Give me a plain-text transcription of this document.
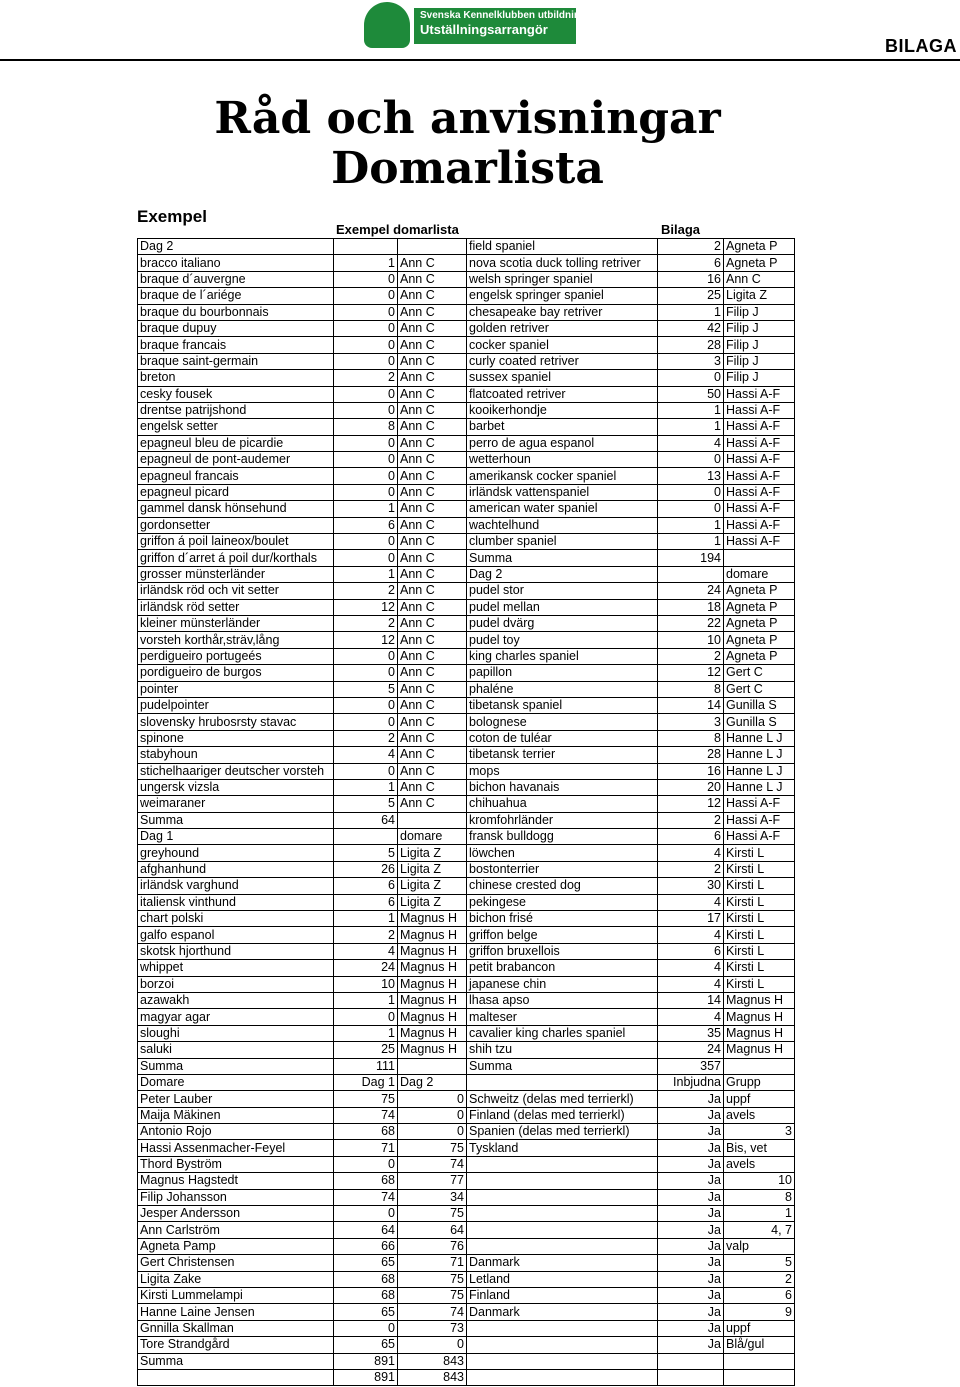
Svenska Kennelklubben utbildning
Utställningsarrangör
BILAGA
Råd och anvisningar
Domarlista
Exempel
Exempel domarlista	Bilaga
Dag 2			field spaniel	2	Agneta P
bracco italiano	1	Ann C	nova scotia duck tolling retriver	6	Agneta P
braque d´auvergne	0	Ann C	welsh springer spaniel	16	Ann C
braque de l´ariége	0	Ann C	engelsk springer spaniel	25	Ligita Z
braque du bourbonnais	0	Ann C	chesapeake bay retriver	1	Filip J
braque dupuy	0	Ann C	golden retriver	42	Filip J
braque francais	0	Ann C	cocker spaniel	28	Filip J
braque saint-germain	0	Ann C	curly coated retriver	3	Filip J
breton	2	Ann C	sussex spaniel	0	Filip J
cesky fousek	0	Ann C	flatcoated retriver	50	Hassi A-F
drentse patrijshond	0	Ann C	kooikerhondje	1	Hassi A-F
engelsk setter	8	Ann C	barbet	1	Hassi A-F
epagneul bleu de picardie	0	Ann C	perro de agua espanol	4	Hassi A-F
epagneul de pont-audemer	0	Ann C	wetterhoun	0	Hassi A-F
epagneul francais	0	Ann C	amerikansk cocker spaniel	13	Hassi A-F
epagneul picard	0	Ann C	irländsk vattenspaniel	0	Hassi A-F
gammel dansk hönsehund	1	Ann C	american water spaniel	0	Hassi A-F
gordonsetter	6	Ann C	wachtelhund	1	Hassi A-F
griffon á poil laineox/boulet	0	Ann C	clumber spaniel	1	Hassi A-F
griffon d´arret á poil dur/korthals	0	Ann C	Summa	194	
grosser münsterländer	1	Ann C	Dag 2		domare
irländsk röd och vit setter	2	Ann C	pudel stor	24	Agneta P
irländsk röd setter	12	Ann C	pudel mellan	18	Agneta P
kleiner münsterländer	2	Ann C	pudel dvärg	22	Agneta P
vorsteh korthår,sträv,lång	12	Ann C	pudel toy	10	Agneta P
perdigueiro portugeés	0	Ann C	king charles spaniel	2	Agneta P
pordigueiro de burgos	0	Ann C	papillon	12	Gert C
pointer	5	Ann C	phaléne	8	Gert C
pudelpointer	0	Ann C	tibetansk spaniel	14	Gunilla S
slovensky hrubosrsty stavac	0	Ann C	bolognese	3	Gunilla S
spinone	2	Ann C	coton de tuléar	8	Hanne L J
stabyhoun	4	Ann C	tibetansk terrier	28	Hanne L J
stichelhaariger deutscher vorsteh	0	Ann C	mops	16	Hanne L J
ungersk vizsla	1	Ann C	bichon havanais	20	Hanne L J
weimaraner	5	Ann C	chihuahua	12	Hassi A-F
Summa	64		kromfohrländer	2	Hassi A-F
Dag 1		domare	fransk bulldogg	6	Hassi A-F
greyhound	5	Ligita Z	löwchen	4	Kirsti L
afghanhund	26	Ligita Z	bostonterrier	2	Kirsti L
irländsk varghund	6	Ligita Z	chinese crested dog	30	Kirsti L
italiensk vinthund	6	Ligita Z	pekingese	4	Kirsti L
chart polski	1	Magnus H	bichon frisé	17	Kirsti L
galfo espanol	2	Magnus H	griffon belge	4	Kirsti L
skotsk hjorthund	4	Magnus H	griffon bruxellois	6	Kirsti L
whippet	24	Magnus H	petit brabancon	4	Kirsti L
borzoi	10	Magnus H	japanese chin	4	Kirsti L
azawakh	1	Magnus H	lhasa apso	14	Magnus H
magyar agar	0	Magnus H	malteser	4	Magnus H
sloughi	1	Magnus H	cavalier king charles spaniel	35	Magnus H
saluki	25	Magnus H	shih tzu	24	Magnus H
Summa	111		Summa	357	
Domare	Dag 1	Dag 2		Inbjudna	Grupp
Peter Lauber	75	0	Schweitz (delas med terrierkl)	Ja	uppf
Maija Mäkinen	74	0	Finland (delas med terrierkl)	Ja	avels
Antonio Rojo	68	0	Spanien (delas med terrierkl)	Ja	3
Hassi Assenmacher-Feyel	71	75	Tyskland	Ja	Bis, vet
Thord Byström	0	74		Ja	avels
Magnus Hagstedt	68	77		Ja	10
Filip Johansson	74	34		Ja	8
Jesper Andersson	0	75		Ja	1
Ann Carlström	64	64		Ja	4, 7
Agneta Pamp	66	76		Ja	valp
Gert Christensen	65	71	Danmark	Ja	5
Ligita Zake	68	75	Letland	Ja	2
Kirsti Lummelampi	68	75	Finland	Ja	6
Hanne Laine Jensen	65	74	Danmark	Ja	9
Gnnilla Skallman	0	73		Ja	uppf
Tore Strandgård	65	0		Ja	Blå/gul
Summa	891	843			
	891	843			
